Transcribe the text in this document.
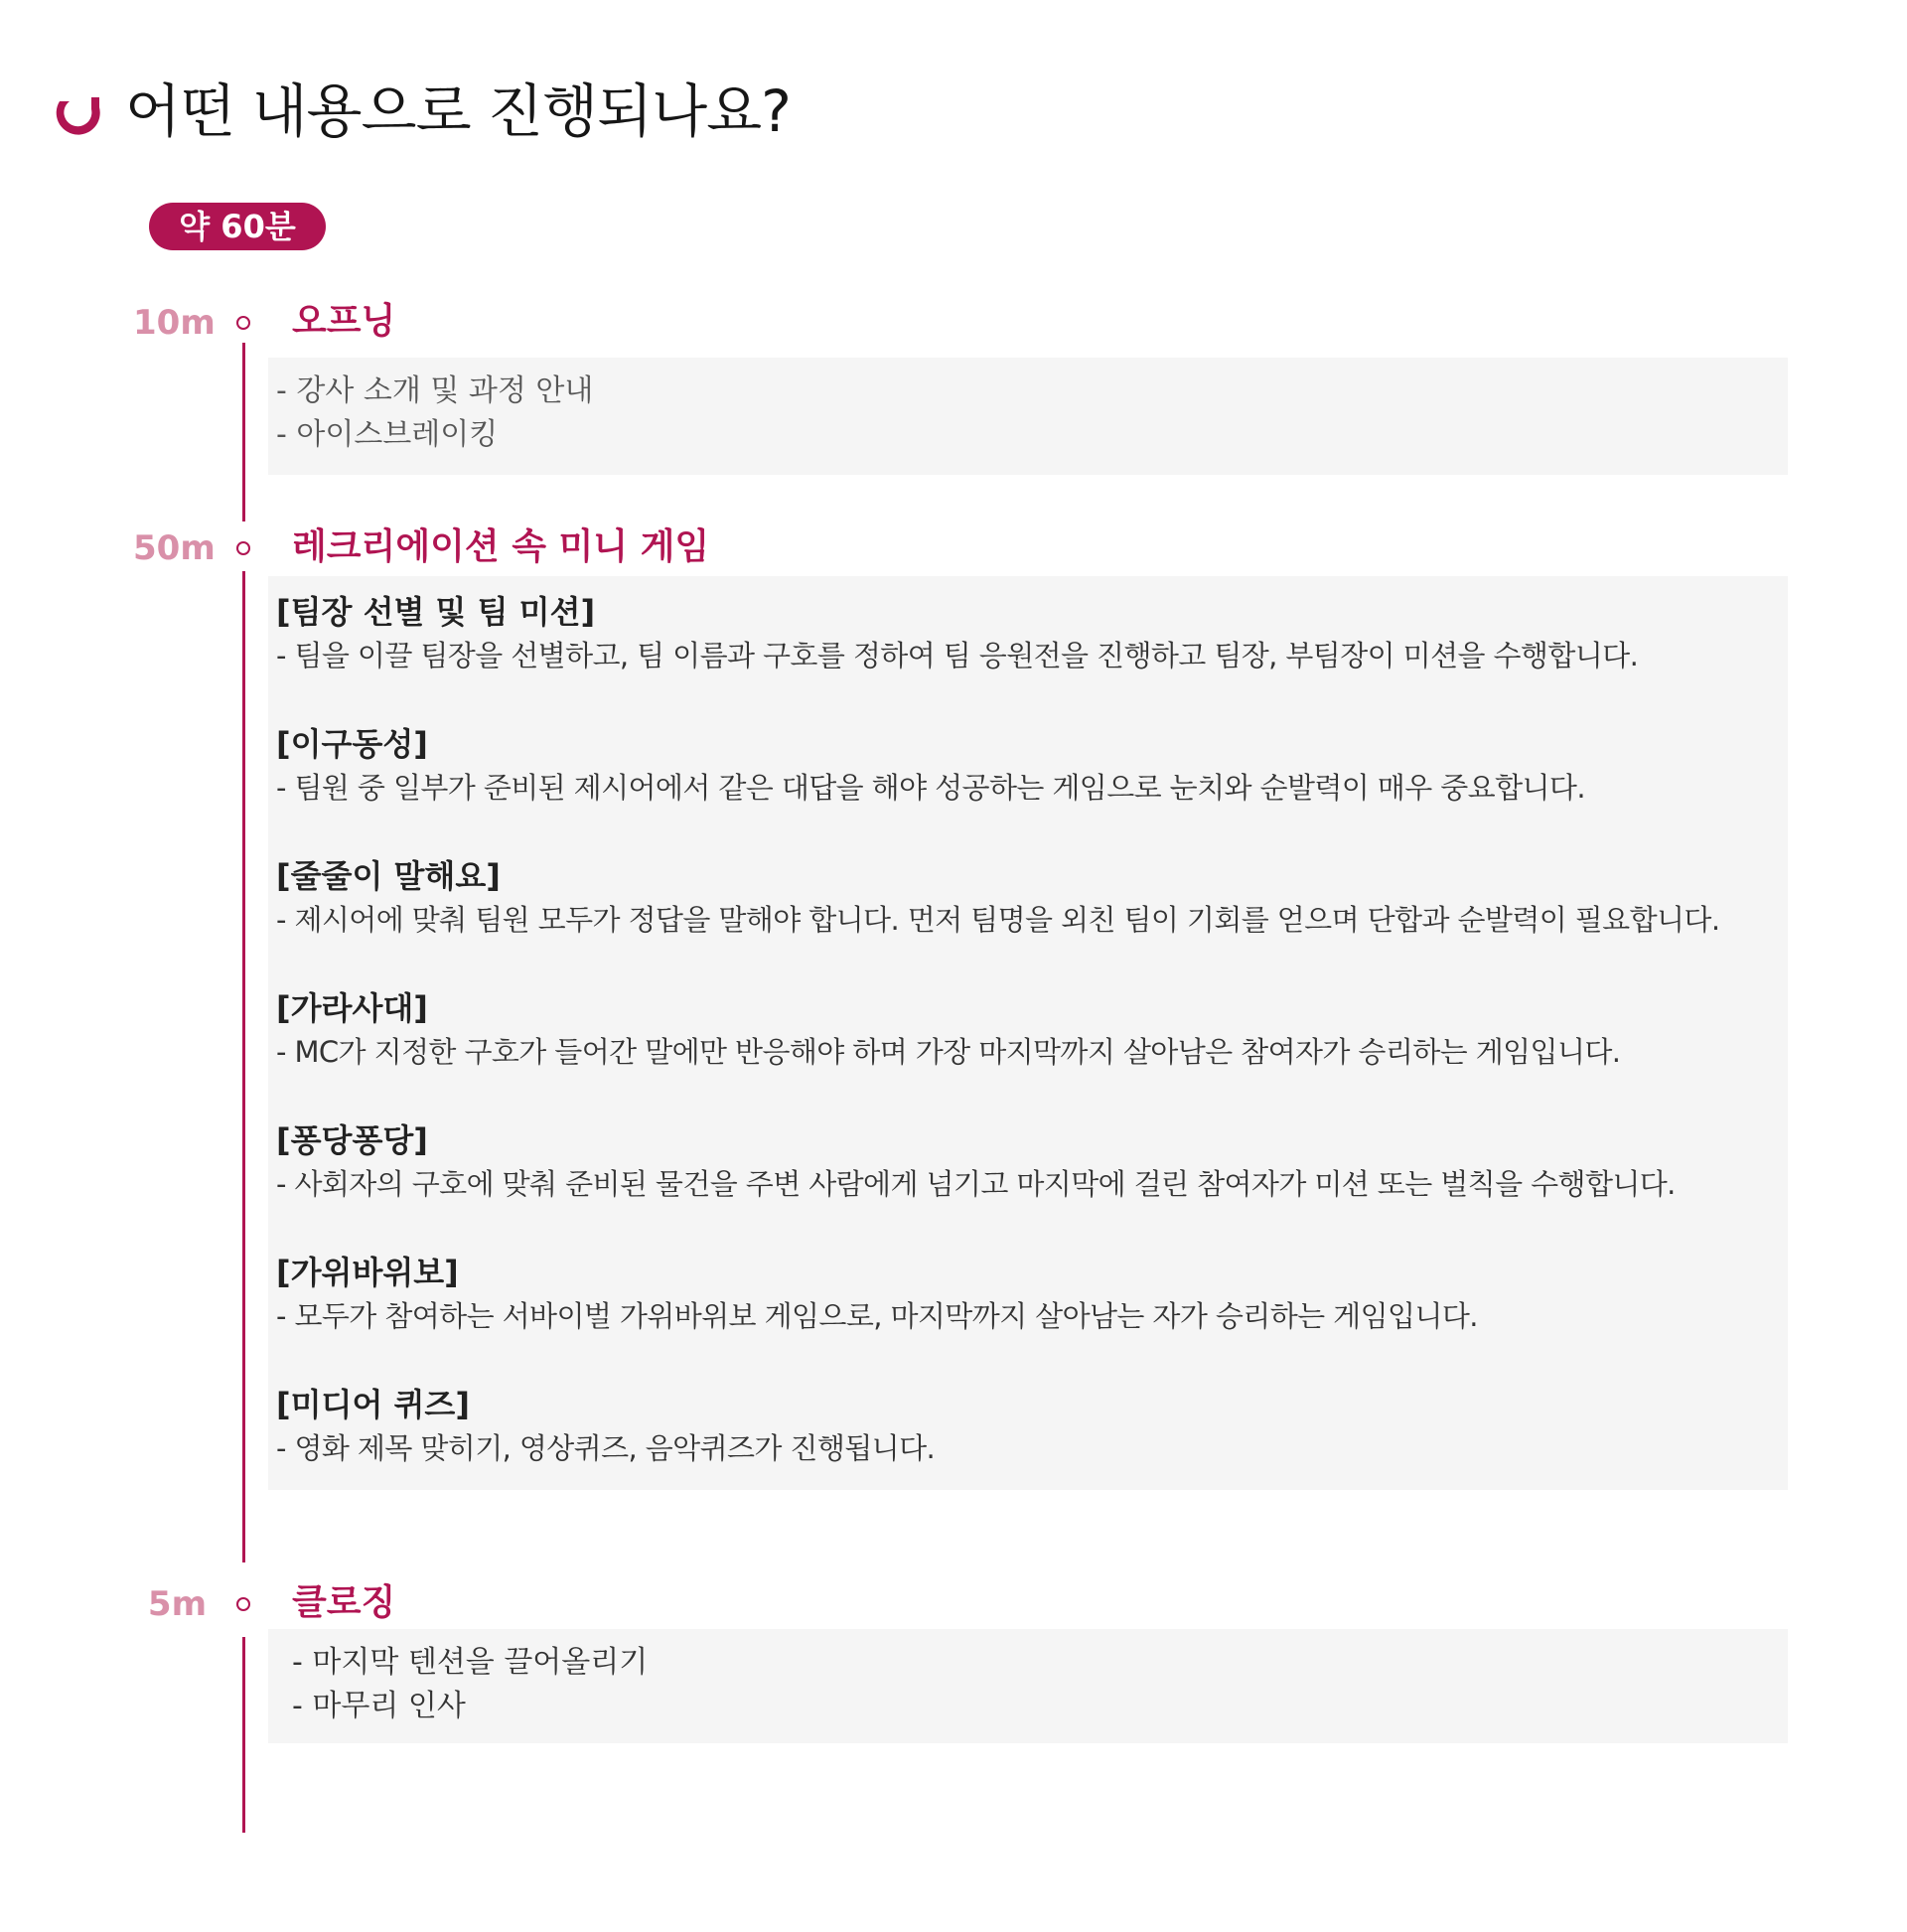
어떤 내용으로 진행되나요?
약 60분
10m 오프닝
- 강사 소개 및 과정 안내
- 아이스브레이킹
50m 레크리에이션 속 미니 게임
[팀장 선별 및 팀 미션]
- 팀을 이끌 팀장을 선별하고, 팀 이름과 구호를 정하여 팀 응원전을 진행하고 팀장, 부팀장이 미션을 수행합니다.
[이구동성]
- 팀원 중 일부가 준비된 제시어에서 같은 대답을 해야 성공하는 게임으로 눈치와 순발력이 매우 중요합니다.
[줄줄이 말해요]
- 제시어에 맞춰 팀원 모두가 정답을 말해야 합니다. 먼저 팀명을 외친 팀이 기회를 얻으며 단합과 순발력이 필요합니다.
[가라사대]
- MC가 지정한 구호가 들어간 말에만 반응해야 하며 가장 마지막까지 살아남은 참여자가 승리하는 게임입니다.
[퐁당퐁당]
- 사회자의 구호에 맞춰 준비된 물건을 주변 사람에게 넘기고 마지막에 걸린 참여자가 미션 또는 벌칙을 수행합니다.
[가위바위보]
- 모두가 참여하는 서바이벌 가위바위보 게임으로, 마지막까지 살아남는 자가 승리하는 게임입니다.
[미디어 퀴즈]
- 영화 제목 맞히기, 영상퀴즈, 음악퀴즈가 진행됩니다.
5m 클로징
- 마지막 텐션을 끌어올리기
- 마무리 인사
